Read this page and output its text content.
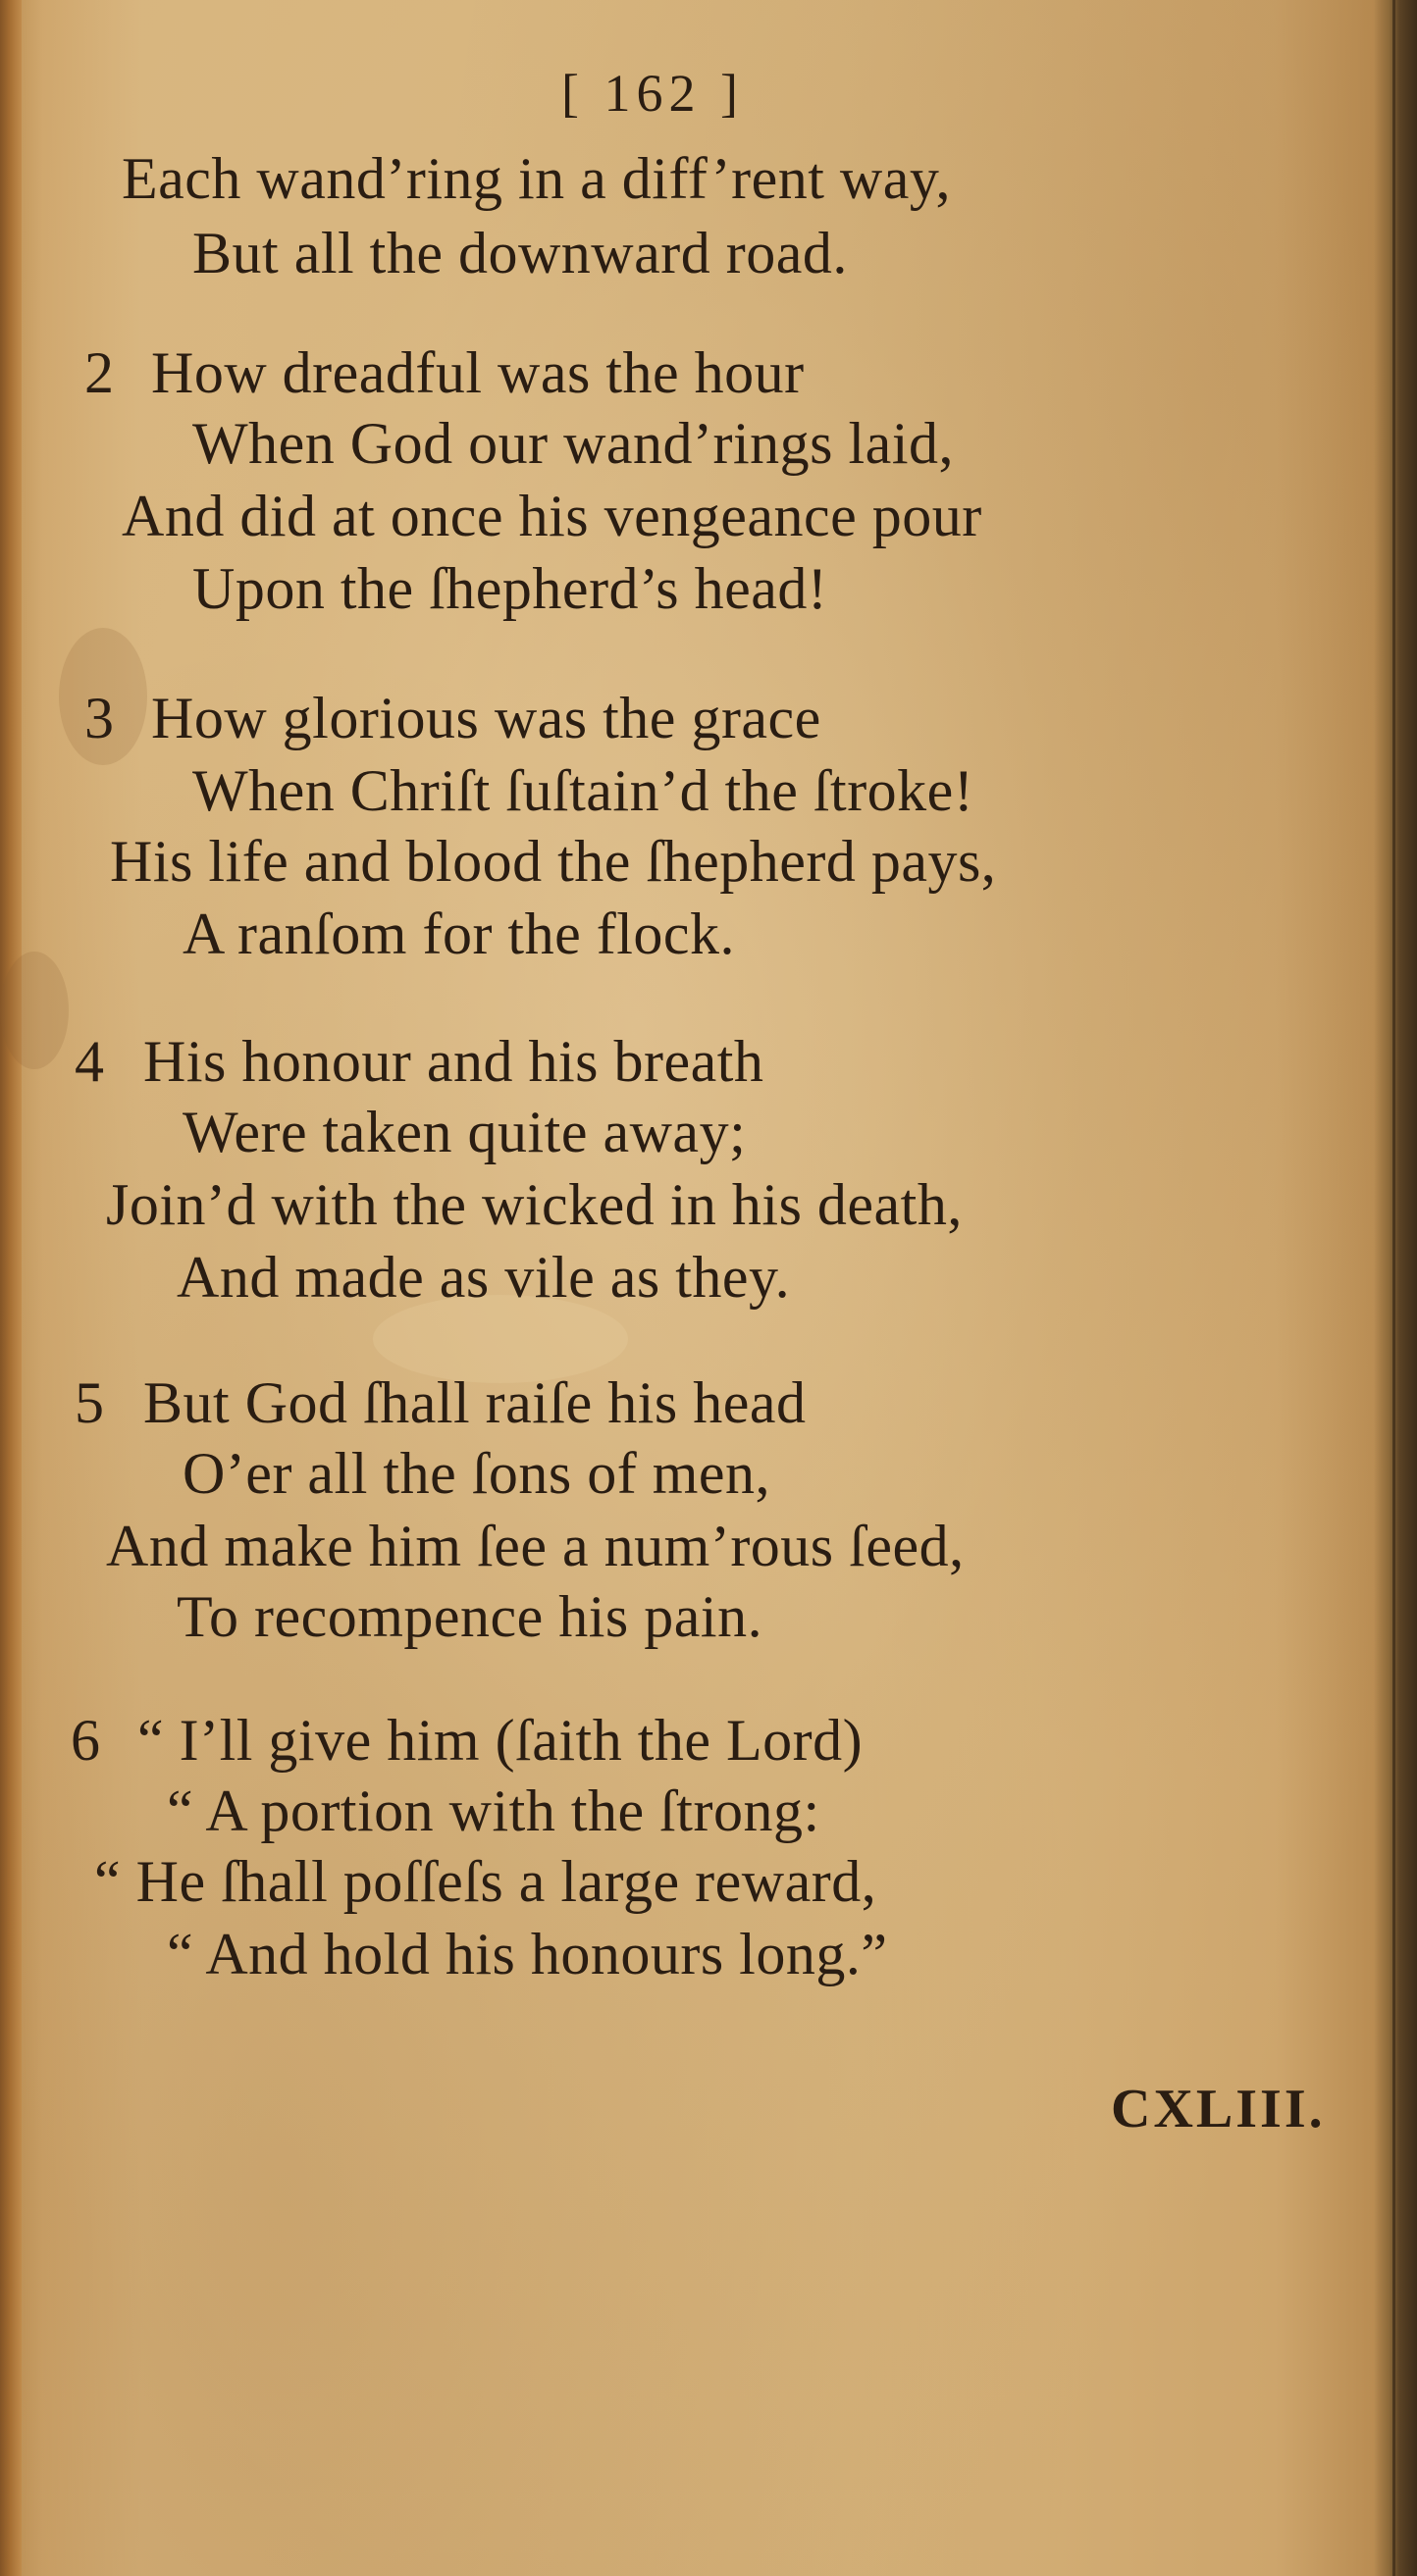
[ 162 ]
Each wand’ring in a diff’rent way,
But all the downward road.
2 How dreadful was the hour
When God our wand’rings laid,
And did at once his vengeance pour
Upon the ſhepherd’s head!
3 How glorious was the grace
When Chriſt ſuſtain’d the ſtroke!
His life and blood the ſhepherd pays,
A ranſom for the flock.
4 His honour and his breath
Were taken quite away;
Join’d with the wicked in his death,
And made as vile as they.
5 But God ſhall raiſe his head
O’er all the ſons of men,
And make him ſee a num’rous ſeed,
To recompence his pain.
6 “ I’ll give him (ſaith the Lord)
“ A portion with the ſtrong:
“ He ſhall poſſeſs a large reward,
“ And hold his honours long.”
CXLIII.
